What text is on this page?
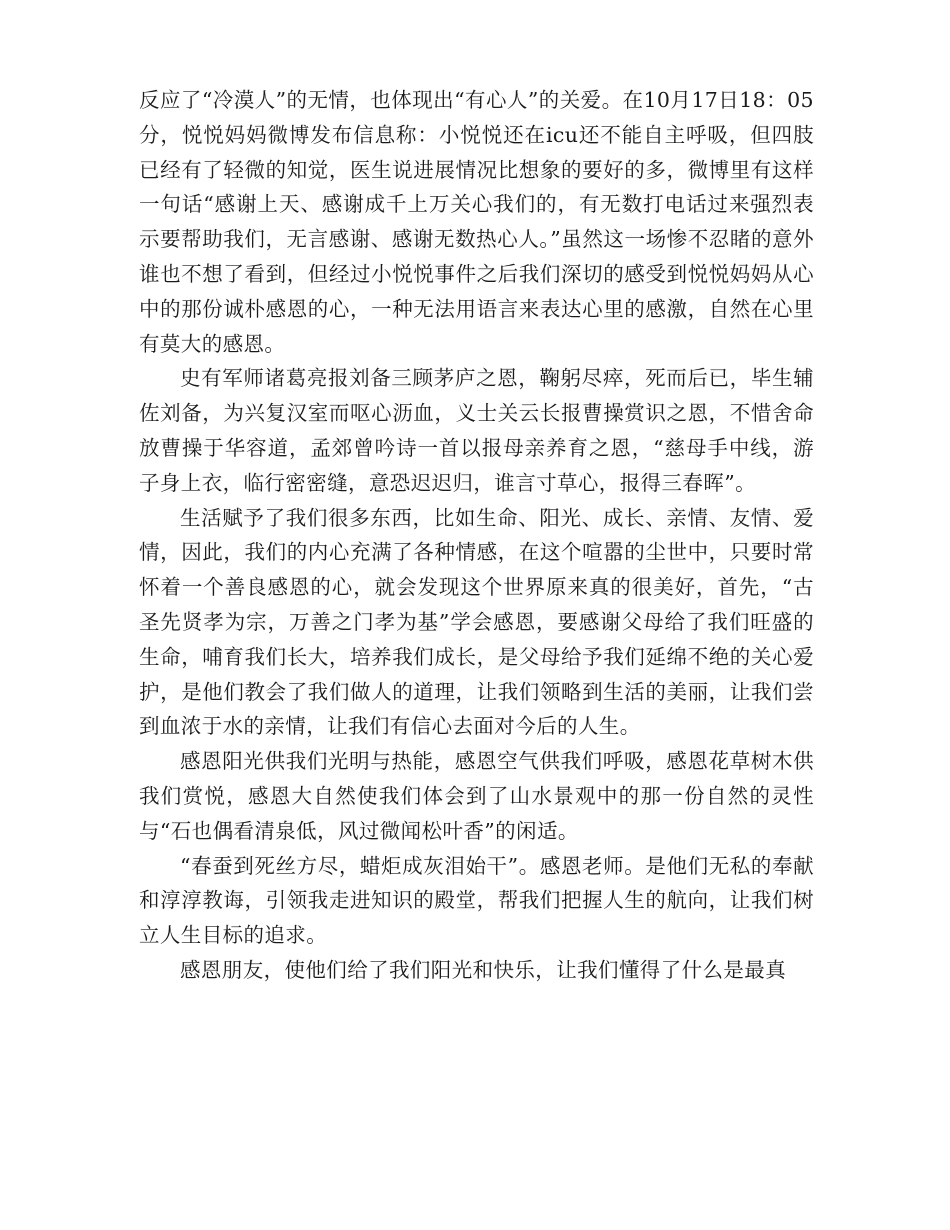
反应了“冷漠人”的无情，也体现出“有心人”的关爱。在10月17日18：05分，悦悦妈妈微博发布信息称：小悦悦还在icu还不能自主呼吸，但四肢已经有了轻微的知觉，医生说进展情况比想象的要好的多，微博里有这样一句话“感谢上天、感谢成千上万关心我们的，有无数打电话过来强烈表示要帮助我们，无言感谢、感谢无数热心人。”虽然这一场惨不忍睹的意外谁也不想了看到，但经过小悦悦事件之后我们深切的感受到悦悦妈妈从心中的那份诚朴感恩的心，一种无法用语言来表达心里的感激，自然在心里有莫大的感恩。

史有军师诸葛亮报刘备三顾茅庐之恩，鞠躬尽瘁，死而后已，毕生辅佐刘备，为兴复汉室而呕心沥血，义士关云长报曹操赏识之恩，不惜舍命放曹操于华容道，孟郊曾吟诗一首以报母亲养育之恩，“慈母手中线，游子身上衣，临行密密缝，意恐迟迟归，谁言寸草心，报得三春晖”。

生活赋予了我们很多东西，比如生命、阳光、成长、亲情、友情、爱情，因此，我们的内心充满了各种情感，在这个喧嚣的尘世中，只要时常怀着一个善良感恩的心，就会发现这个世界原来真的很美好，首先，“古圣先贤孝为宗，万善之门孝为基”学会感恩，要感谢父母给了我们旺盛的生命，哺育我们长大，培养我们成长，是父母给予我们延绵不绝的关心爱护，是他们教会了我们做人的道理，让我们领略到生活的美丽，让我们尝到血浓于水的亲情，让我们有信心去面对今后的人生。

感恩阳光供我们光明与热能，感恩空气供我们呼吸，感恩花草树木供我们赏悦，感恩大自然使我们体会到了山水景观中的那一份自然的灵性与“石也偶看清泉低，风过微闻松叶香”的闲适。

“春蚕到死丝方尽，蜡炬成灰泪始干”。感恩老师。是他们无私的奉献和淳淳教诲，引领我走进知识的殿堂，帮我们把握人生的航向，让我们树立人生目标的追求。

感恩朋友，使他们给了我们阳光和快乐，让我们懂得了什么是最真
